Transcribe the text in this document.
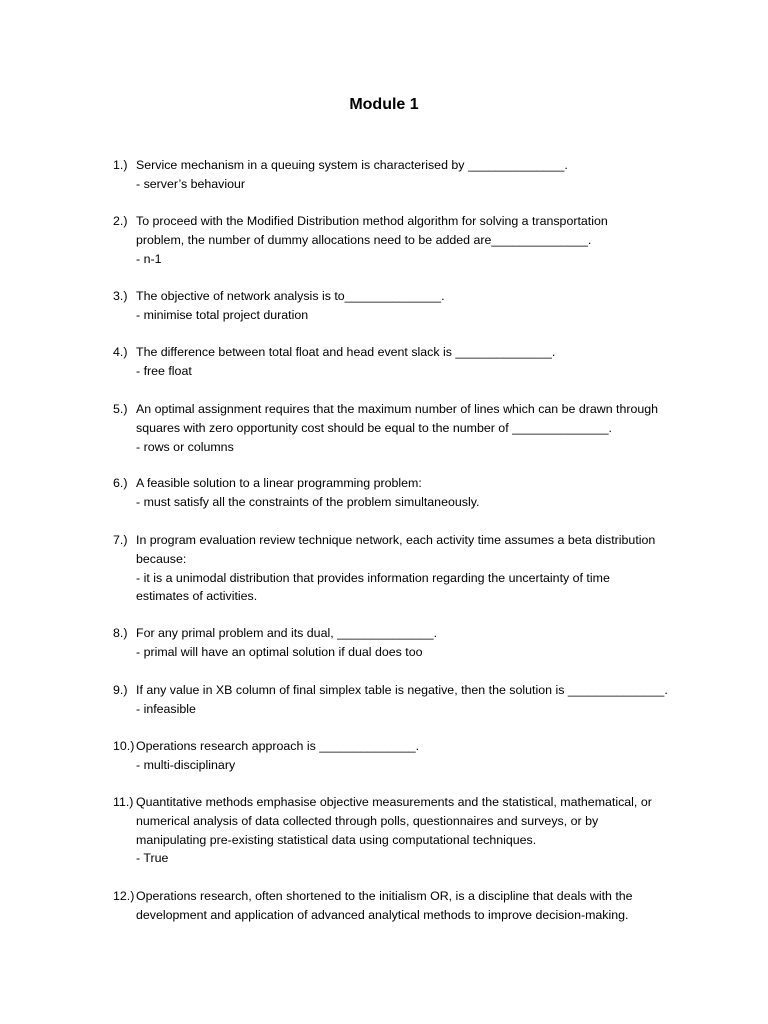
Module 1
1.) Service mechanism in a queuing system is characterised by ______________.
- server’s behaviour
2.) To proceed with the Modified Distribution method algorithm for solving a transportation
problem, the number of dummy allocations need to be added are______________.
- n-1
3.) The objective of network analysis is to______________.
- minimise total project duration
4.) The difference between total float and head event slack is ______________.
- free float
5.) An optimal assignment requires that the maximum number of lines which can be drawn through
squares with zero opportunity cost should be equal to the number of ______________.
- rows or columns
6.) A feasible solution to a linear programming problem:
- must satisfy all the constraints of the problem simultaneously.
7.) In program evaluation review technique network, each activity time assumes a beta distribution
because:
- it is a unimodal distribution that provides information regarding the uncertainty of time
estimates of activities.
8.) For any primal problem and its dual, ______________.
- primal will have an optimal solution if dual does too
9.) If any value in XB column of final simplex table is negative, then the solution is ______________.
- infeasible
10.) Operations research approach is ______________.
- multi-disciplinary
11.) Quantitative methods emphasise objective measurements and the statistical, mathematical, or
numerical analysis of data collected through polls, questionnaires and surveys, or by
manipulating pre-existing statistical data using computational techniques.
- True
12.) Operations research, often shortened to the initialism OR, is a discipline that deals with the
development and application of advanced analytical methods to improve decision-making.
